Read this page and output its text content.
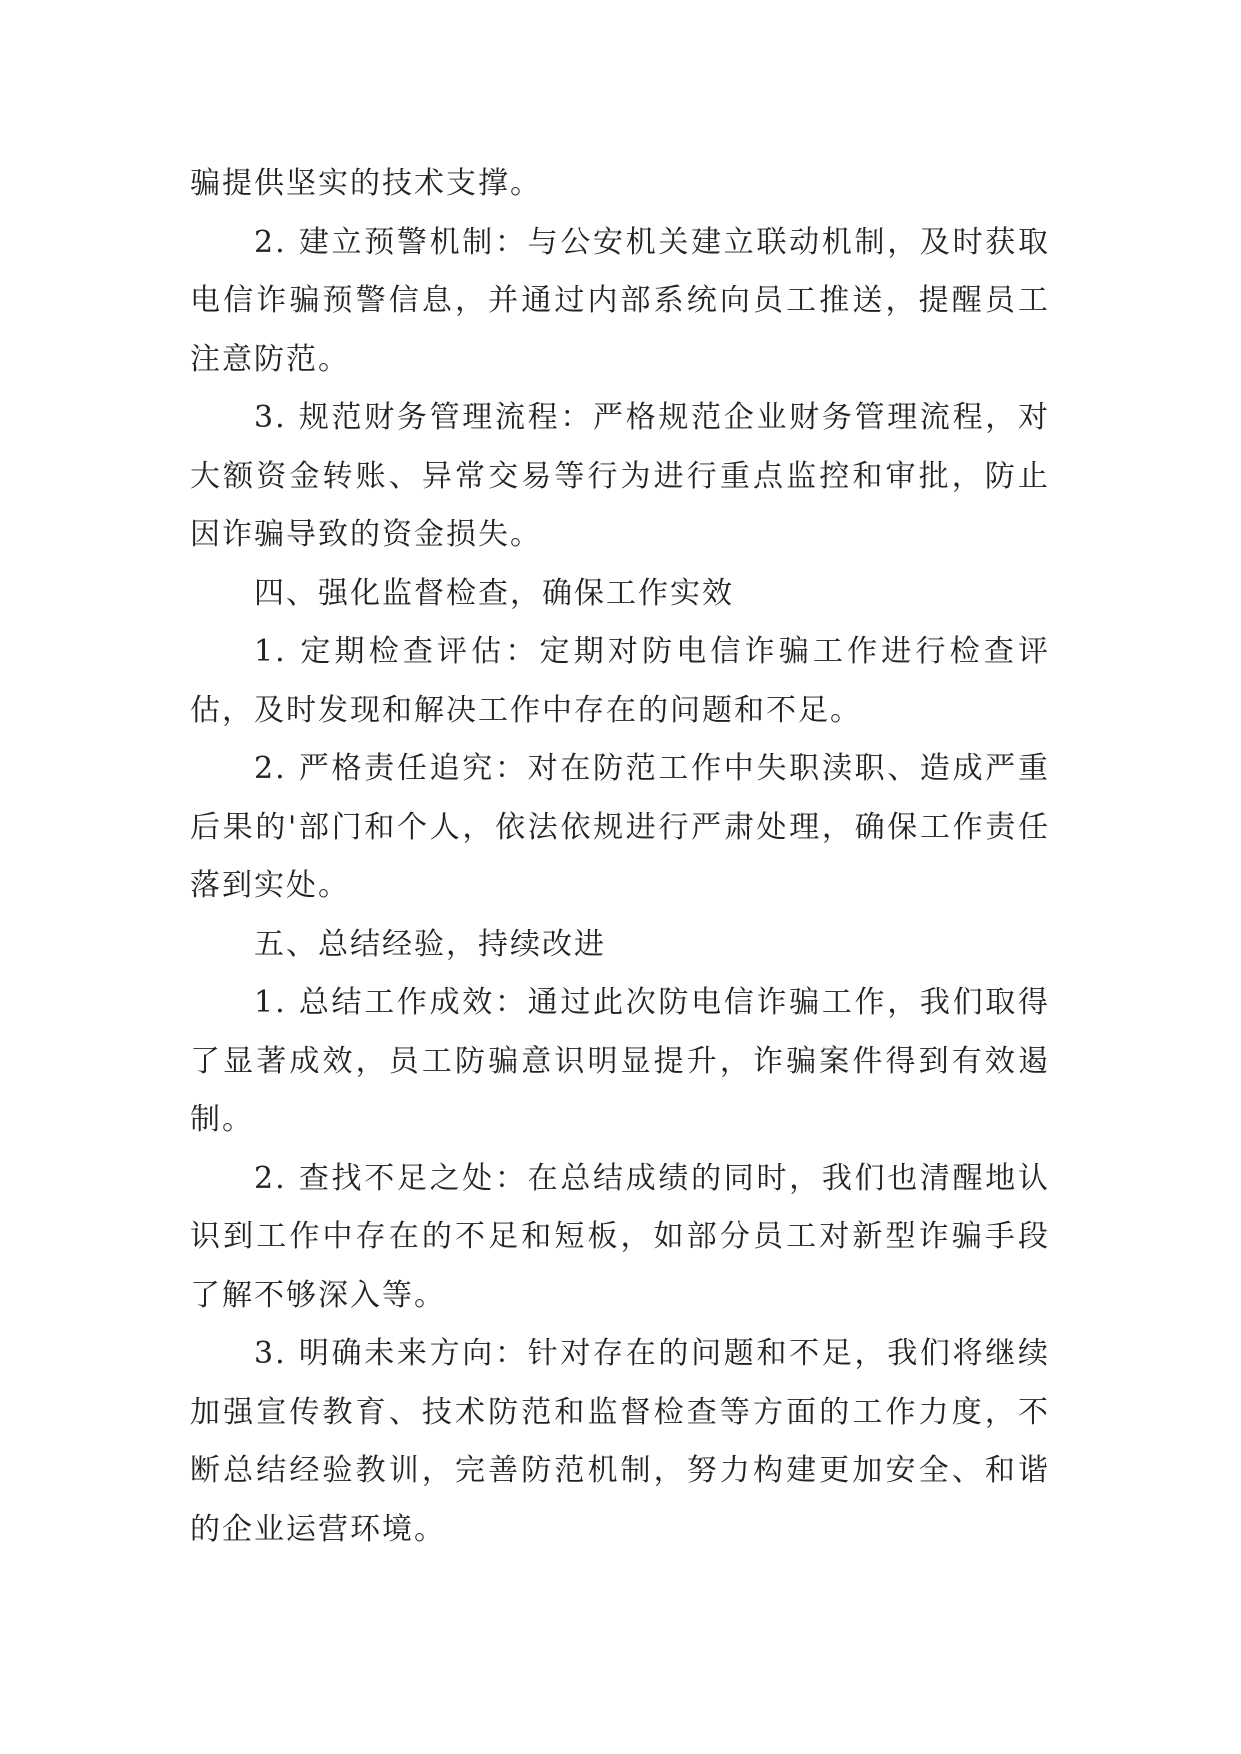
骗提供坚实的技术支撑。

2. 建立预警机制：与公安机关建立联动机制，及时获取电信诈骗预警信息，并通过内部系统向员工推送，提醒员工注意防范。

3. 规范财务管理流程：严格规范企业财务管理流程，对大额资金转账、异常交易等行为进行重点监控和审批，防止因诈骗导致的资金损失。

四、强化监督检查，确保工作实效

1. 定期检查评估：定期对防电信诈骗工作进行检查评估，及时发现和解决工作中存在的问题和不足。

2. 严格责任追究：对在防范工作中失职渎职、造成严重后果的'部门和个人，依法依规进行严肃处理，确保工作责任落到实处。

五、总结经验，持续改进

1. 总结工作成效：通过此次防电信诈骗工作，我们取得了显著成效，员工防骗意识明显提升，诈骗案件得到有效遏制。

2. 查找不足之处：在总结成绩的同时，我们也清醒地认识到工作中存在的不足和短板，如部分员工对新型诈骗手段了解不够深入等。

3. 明确未来方向：针对存在的问题和不足，我们将继续加强宣传教育、技术防范和监督检查等方面的工作力度，不断总结经验教训，完善防范机制，努力构建更加安全、和谐的企业运营环境。
